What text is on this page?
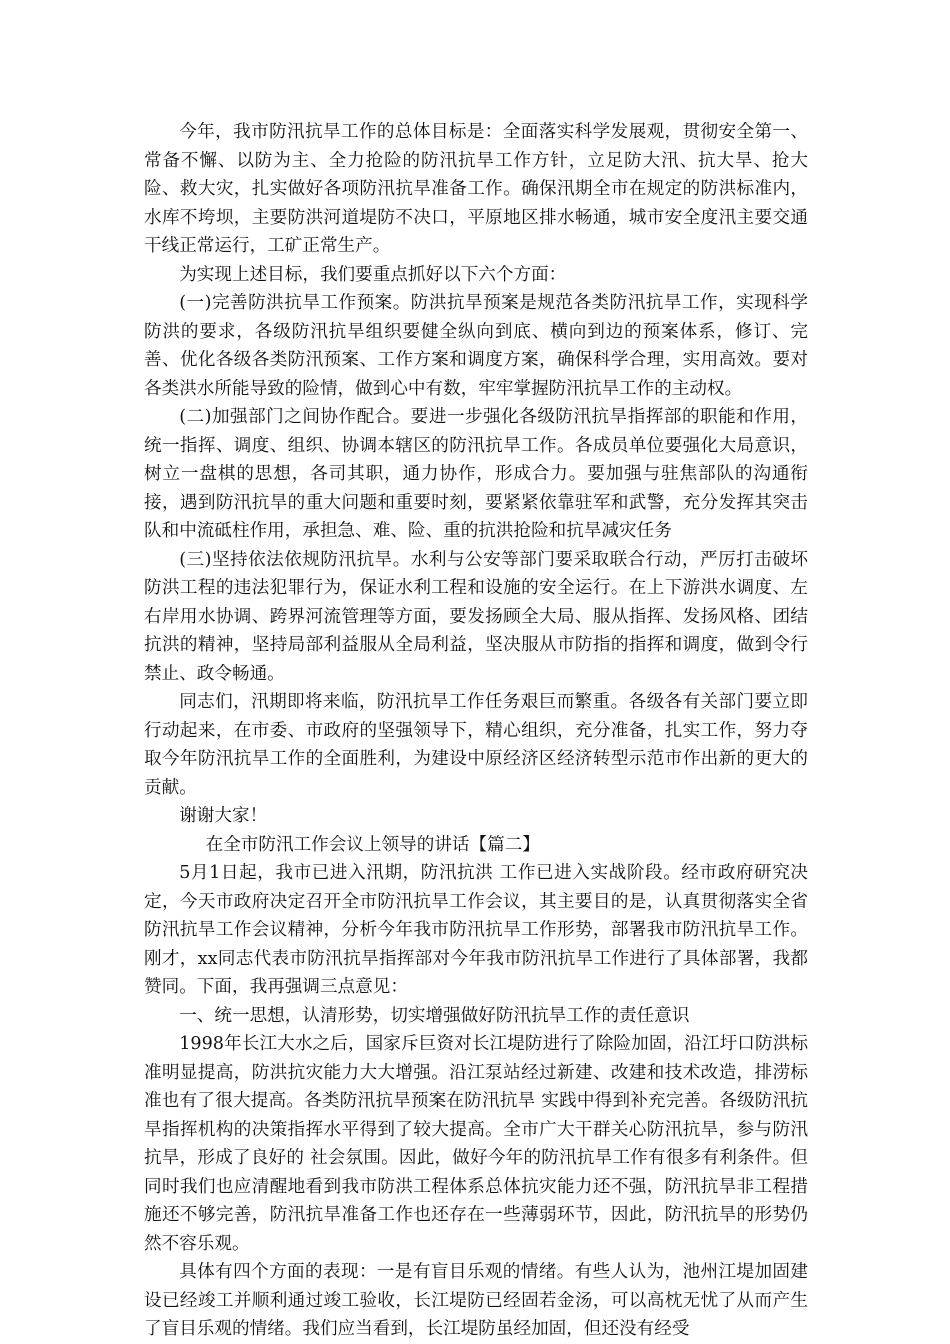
今年，我市防汛抗旱工作的总体目标是：全面落实科学发展观，贯彻安全第一、常备不懈、以防为主、全力抢险的防汛抗旱工作方针，立足防大汛、抗大旱、抢大险、救大灾，扎实做好各项防汛抗旱准备工作。确保汛期全市在规定的防洪标准内，水库不垮坝，主要防洪河道堤防不决口，平原地区排水畅通，城市安全度汛主要交通干线正常运行，工矿正常生产。

为实现上述目标，我们要重点抓好以下六个方面：

(一)完善防洪抗旱工作预案。防洪抗旱预案是规范各类防汛抗旱工作，实现科学防洪的要求，各级防汛抗旱组织要健全纵向到底、横向到边的预案体系，修订、完善、优化各级各类防汛预案、工作方案和调度方案，确保科学合理，实用高效。要对各类洪水所能导致的险情，做到心中有数，牢牢掌握防汛抗旱工作的主动权。

(二)加强部门之间协作配合。要进一步强化各级防汛抗旱指挥部的职能和作用，统一指挥、调度、组织、协调本辖区的防汛抗旱工作。各成员单位要强化大局意识，树立一盘棋的思想，各司其职，通力协作，形成合力。要加强与驻焦部队的沟通衔接，遇到防汛抗旱的重大问题和重要时刻，要紧紧依靠驻军和武警，充分发挥其突击队和中流砥柱作用，承担急、难、险、重的抗洪抢险和抗旱减灾任务

(三)坚持依法依规防汛抗旱。水利与公安等部门要采取联合行动，严厉打击破坏防洪工程的违法犯罪行为，保证水利工程和设施的安全运行。在上下游洪水调度、左右岸用水协调、跨界河流管理等方面，要发扬顾全大局、服从指挥、发扬风格、团结抗洪的精神，坚持局部利益服从全局利益，坚决服从市防指的指挥和调度，做到令行禁止、政令畅通。

同志们，汛期即将来临，防汛抗旱工作任务艰巨而繁重。各级各有关部门要立即行动起来，在市委、市政府的坚强领导下，精心组织，充分准备，扎实工作，努力夺取今年防汛抗旱工作的全面胜利，为建设中原经济区经济转型示范市作出新的更大的贡献。

谢谢大家！

在全市防汛工作会议上领导的讲话【篇二】

5月1日起，我市已进入汛期，防汛抗洪 工作已进入实战阶段。经市政府研究决定，今天市政府决定召开全市防汛抗旱工作会议，其主要目的是，认真贯彻落实全省防汛抗旱工作会议精神，分析今年我市防汛抗旱工作形势，部署我市防汛抗旱工作。刚才，xx同志代表市防汛抗旱指挥部对今年我市防汛抗旱工作进行了具体部署，我都赞同。下面，我再强调三点意见：

一、统一思想，认清形势，切实增强做好防汛抗旱工作的责任意识

1998年长江大水之后，国家斥巨资对长江堤防进行了除险加固，沿江圩口防洪标准明显提高，防洪抗灾能力大大增强。沿江泵站经过新建、改建和技术改造，排涝标准也有了很大提高。各类防汛抗旱预案在防汛抗旱 实践中得到补充完善。各级防汛抗旱指挥机构的决策指挥水平得到了较大提高。全市广大干群关心防汛抗旱，参与防汛抗旱，形成了良好的 社会氛围。因此，做好今年的防汛抗旱工作有很多有利条件。但同时我们也应清醒地看到我市防洪工程体系总体抗灾能力还不强，防汛抗旱非工程措施还不够完善，防汛抗旱准备工作也还存在一些薄弱环节，因此，防汛抗旱的形势仍然不容乐观。

具体有四个方面的表现：一是有盲目乐观的情绪。有些人认为，池州江堤加固建设已经竣工并顺利通过竣工验收，长江堤防已经固若金汤，可以高枕无忧了从而产生了盲目乐观的情绪。我们应当看到，长江堤防虽经加固，但还没有经受
